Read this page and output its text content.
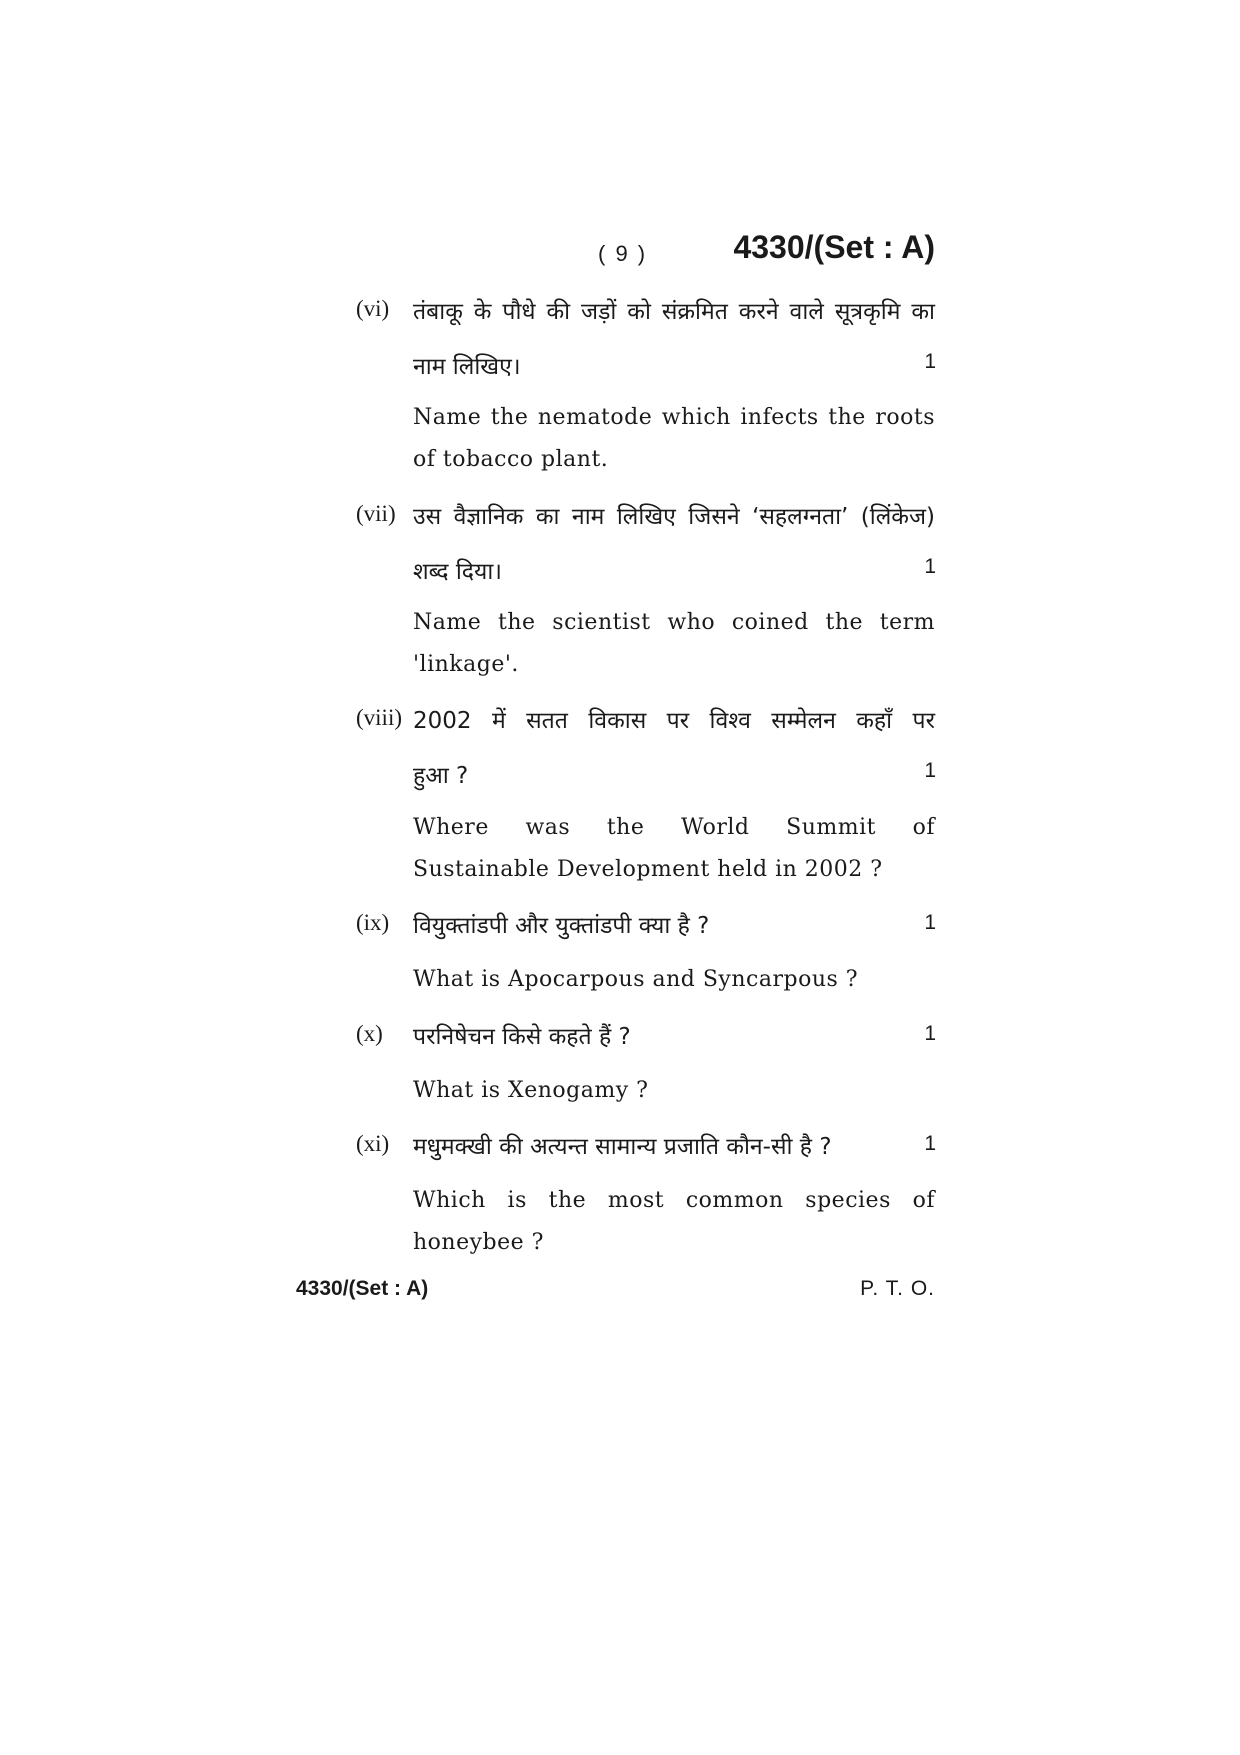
( 9 )	4330/(Set : A)
(vi) तंबाकू के पौधे की जड़ों को संक्रमित करने वाले सूत्रकृमि का
नाम लिखिए।	1
Name the nematode which infects the roots
of tobacco plant.
(vii) उस वैज्ञानिक का नाम लिखिए जिसने ‘सहलग्नता’ (लिंकेज)
शब्द दिया।	1
Name the scientist who coined the term
'linkage'.
(viii) 2002 में सतत विकास पर विश्व सम्मेलन कहाँ पर
हुआ ?	1
Where was the World Summit of
Sustainable Development held in 2002 ?
(ix) वियुक्तांडपी और युक्तांडपी क्या है ?	1
What is Apocarpous and Syncarpous ?
(x) परनिषेचन किसे कहते हैं ?	1
What is Xenogamy ?
(xi) मधुमक्खी की अत्यन्त सामान्य प्रजाति कौन-सी है ?	1
Which is the most common species of
honeybee ?
4330/(Set : A)	P. T. O.
